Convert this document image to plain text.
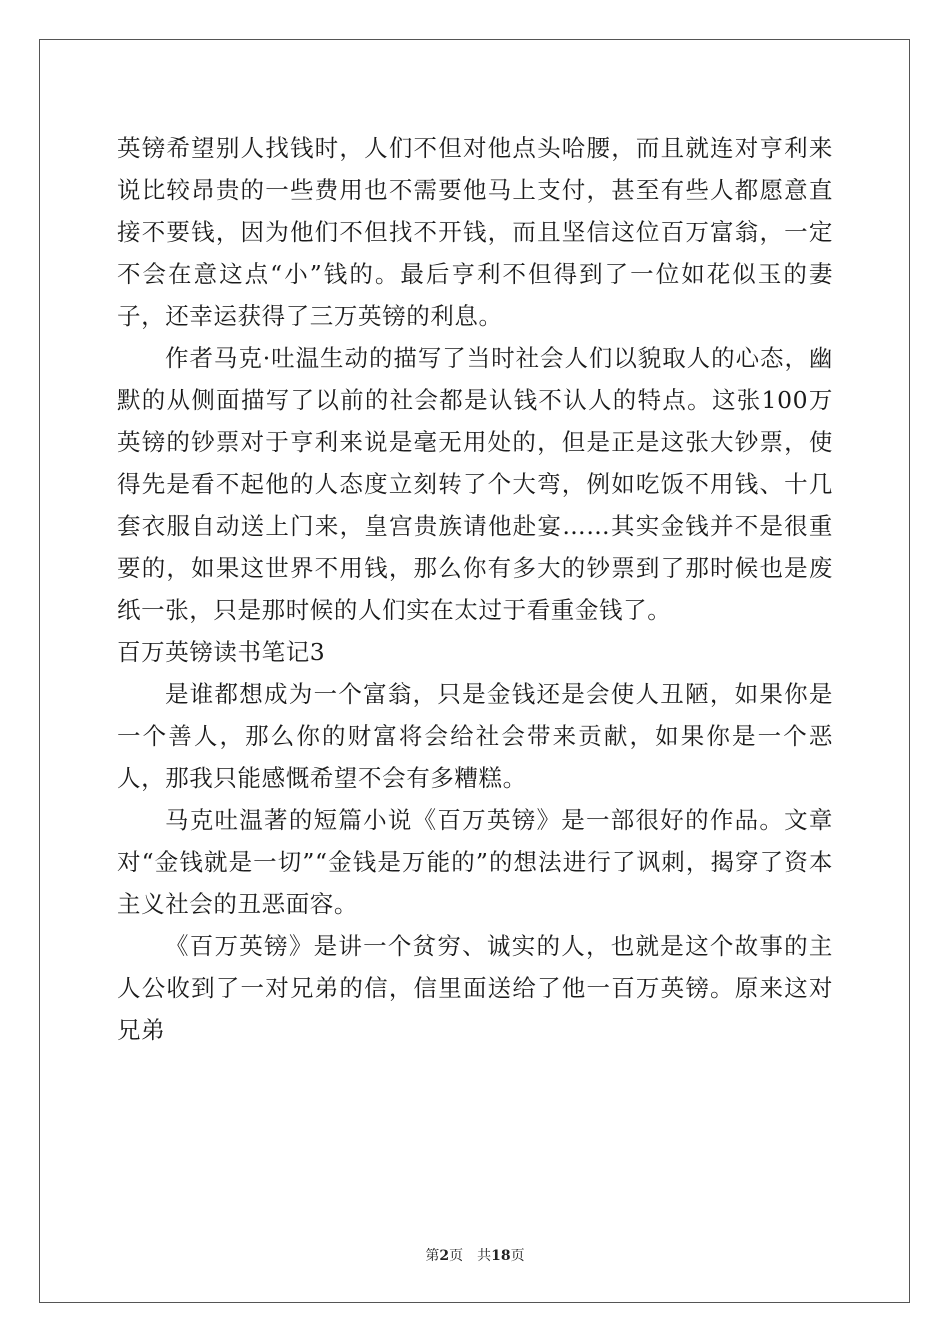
英镑希望别人找钱时，人们不但对他点头哈腰，而且就连对亨利来说比较昂贵的一些费用也不需要他马上支付，甚至有些人都愿意直接不要钱，因为他们不但找不开钱，而且坚信这位百万富翁，一定不会在意这点“小”钱的。最后亨利不但得到了一位如花似玉的妻子，还幸运获得了三万英镑的利息。

作者马克·吐温生动的描写了当时社会人们以貌取人的心态，幽默的从侧面描写了以前的社会都是认钱不认人的特点。这张100万英镑的钞票对于亨利来说是毫无用处的，但是正是这张大钞票，使得先是看不起他的人态度立刻转了个大弯，例如吃饭不用钱、十几套衣服自动送上门来，皇宫贵族请他赴宴……其实金钱并不是很重要的，如果这世界不用钱，那么你有多大的钞票到了那时候也是废纸一张，只是那时候的人们实在太过于看重金钱了。

百万英镑读书笔记3

是谁都想成为一个富翁，只是金钱还是会使人丑陋，如果你是一个善人，那么你的财富将会给社会带来贡献，如果你是一个恶人，那我只能感慨希望不会有多糟糕。

马克吐温著的短篇小说《百万英镑》是一部很好的作品。文章对“金钱就是一切”“金钱是万能的”的想法进行了讽刺，揭穿了资本主义社会的丑恶面容。

《百万英镑》是讲一个贫穷、诚实的人，也就是这个故事的主人公收到了一对兄弟的信，信里面送给了他一百万英镑。原来这对兄弟

第2页 共18页
